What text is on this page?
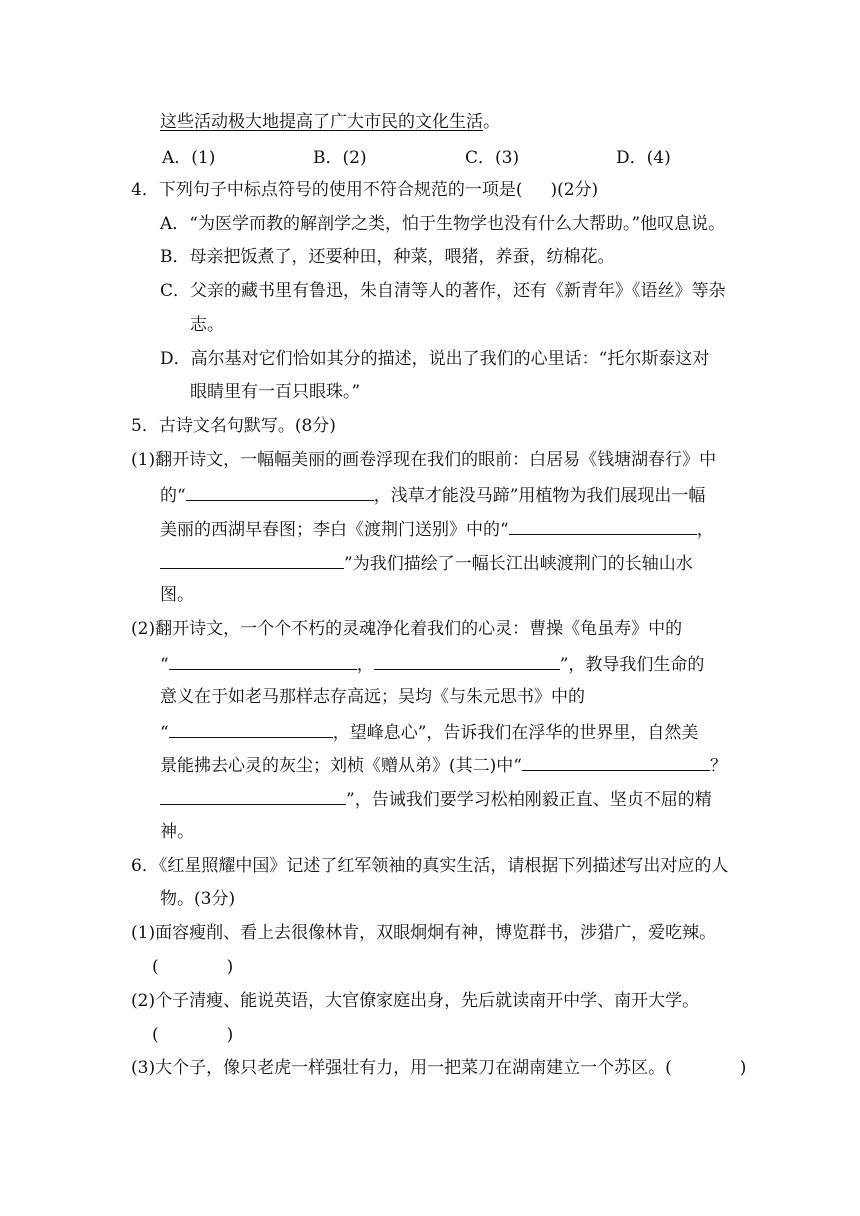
这些活动极大地提高了广大市民的文化生活。
A．(1)	B．(2)	C．(3)	D．(4)
4．下列句子中标点符号的使用不符合规范的一项是( )(2分)
A．“为医学而教的解剖学之类，怕于生物学也没有什么大帮助。”他叹息说。
B．母亲把饭煮了，还要种田，种菜，喂猪，养蚕，纺棉花。
C．父亲的藏书里有鲁迅，朱自清等人的著作，还有《新青年》《语丝》等杂
志。
D．高尔基对它们恰如其分的描述，说出了我们的心里话：“托尔斯泰这对
眼睛里有一百只眼珠。”
5．古诗文名句默写。(8分)
(1)翻开诗文，一幅幅美丽的画卷浮现在我们的眼前：白居易《钱塘湖春行》中
的“	，浅草才能没马蹄”用植物为我们展现出一幅
美丽的西湖早春图；李白《渡荆门送别》中的“	，
”为我们描绘了一幅长江出峡渡荆门的长轴山水
图。
(2)翻开诗文，一个个不朽的灵魂净化着我们的心灵：曹操《龟虽寿》中的
“	，	”，教导我们生命的
意义在于如老马那样志存高远；吴均《与朱元思书》中的
“	，望峰息心”，告诉我们在浮华的世界里，自然美
景能拂去心灵的灰尘；刘桢《赠从弟》(其二)中“	？
”，告诫我们要学习松柏刚毅正直、坚贞不屈的精
神。
6．《红星照耀中国》记述了红军领袖的真实生活，请根据下列描述写出对应的人
物。(3分)
(1)面容瘦削、看上去很像林肯，双眼炯炯有神，博览群书，涉猎广，爱吃辣。
(	)
(2)个子清瘦、能说英语，大官僚家庭出身，先后就读南开中学、南开大学。
(	)
(3)大个子，像只老虎一样强壮有力，用一把菜刀在湖南建立一个苏区。(	)
